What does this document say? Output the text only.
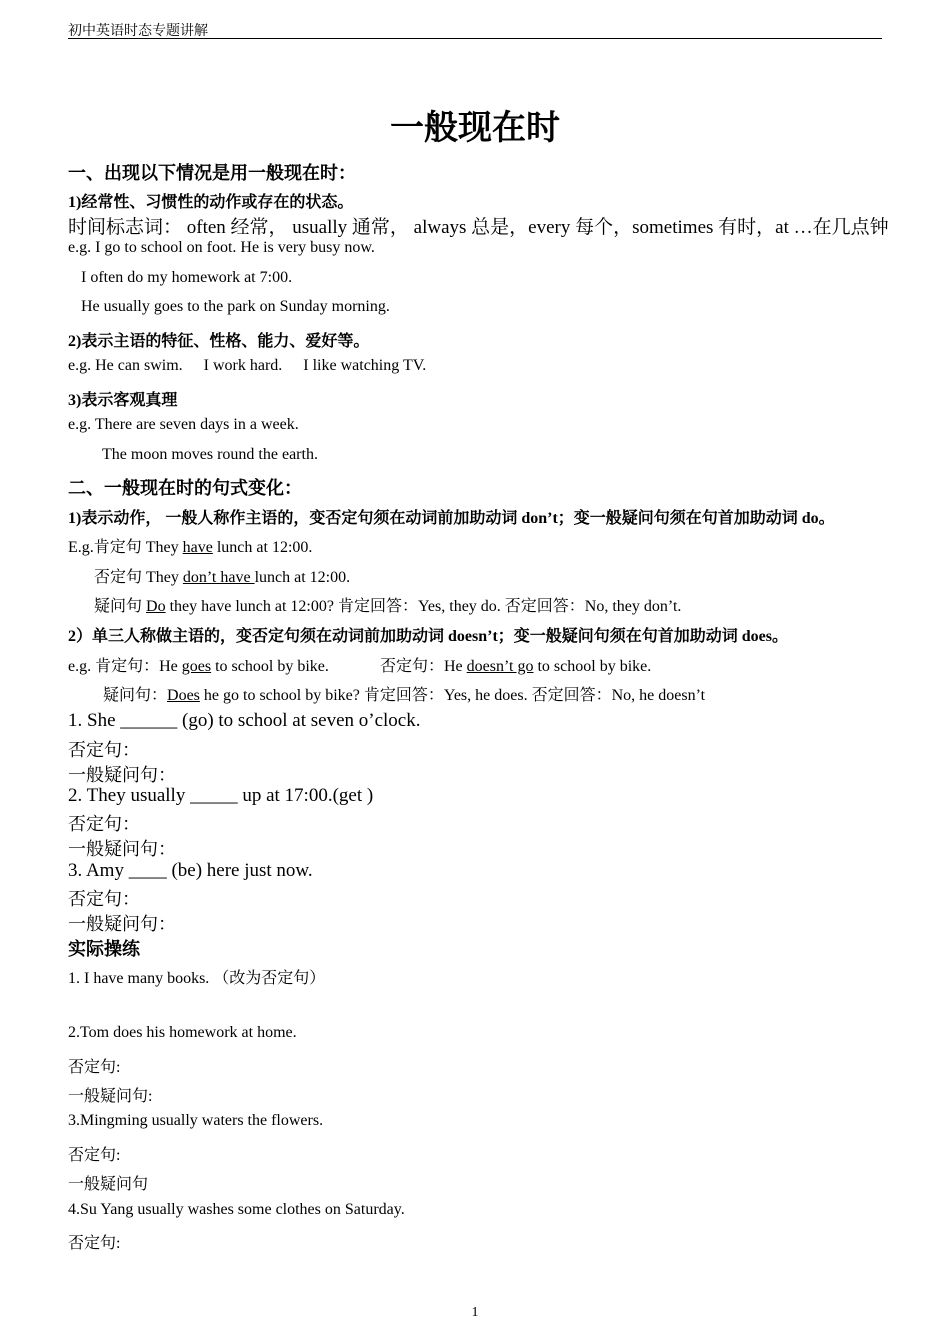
初中英语时态专题讲解
一般现在时
一、出现以下情况是用一般现在时：
1)经常性、习惯性的动作或存在的状态。
时间标志词： often 经常， usually 通常， always 总是，every 每个，sometimes 有时，at …在几点钟
e.g. I go to school on foot. He is very busy now.
I often do my homework at 7:00.
He usually goes to the park on Sunday morning.
2)表示主语的特征、性格、能力、爱好等。
e.g. He can swim. I work hard. I like watching TV.
3)表示客观真理
e.g. There are seven days in a week.
The moon moves round the earth.
二、一般现在时的句式变化：
1)表示动作， 一般人称作主语的，变否定句须在动词前加助动词 don’t；变一般疑问句须在句首加助动词 do。
E.g.肯定句 They have lunch at 12:00.
否定句 They don’t have lunch at 12:00.
疑问句 Do they have lunch at 12:00? 肯定回答：Yes, they do. 否定回答：No, they don’t.
2）单三人称做主语的，变否定句须在动词前加助动词 doesn’t；变一般疑问句须在句首加助动词 does。
e.g. 肯定句：He goes to school by bike.	否定句：He doesn’t go to school by bike.
疑问句：Does he go to school by bike? 肯定回答：Yes, he does. 否定回答：No, he doesn’t
1. She ______ (go) to school at seven o’clock.
否定句：
一般疑问句：
2. They usually _____ up at 17:00.(get )
否定句：
一般疑问句：
3. Amy ____ (be) here just now.
否定句：
一般疑问句：
实际操练
1. I have many books. （改为否定句）
2.Tom does his homework at home.
否定句:
一般疑问句:
3.Mingming usually waters the flowers.
否定句:
一般疑问句
4.Su Yang usually washes some clothes on Saturday.
否定句:
1
